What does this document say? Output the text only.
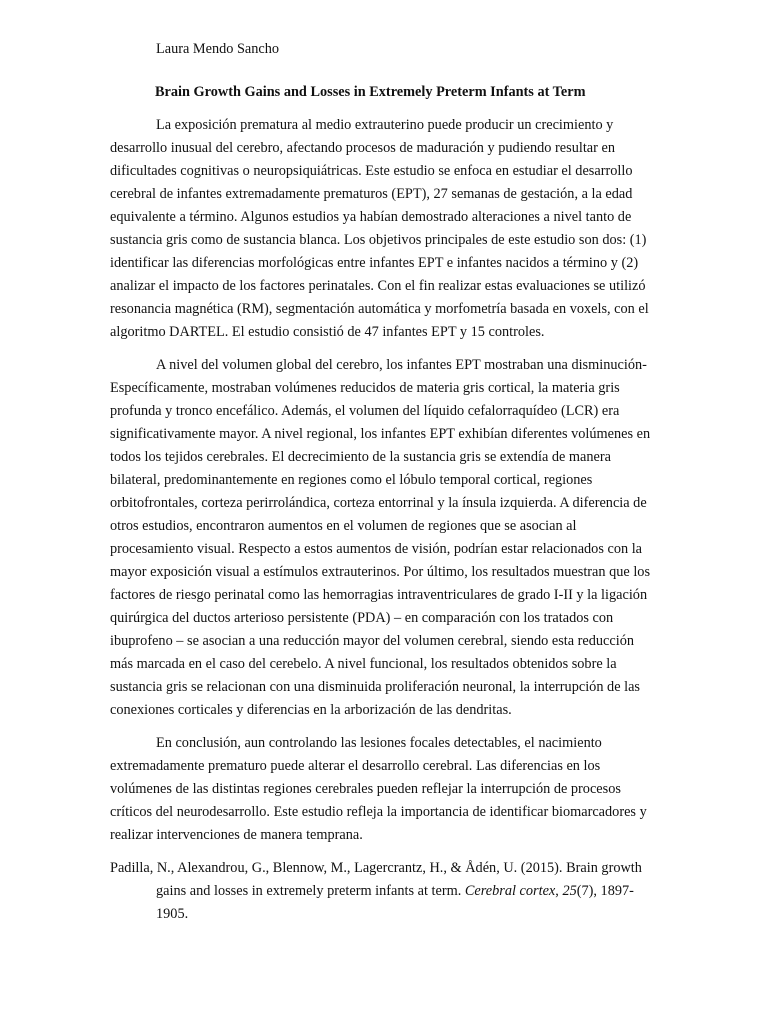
Laura Mendo Sancho

Brain Growth Gains and Losses in Extremely Preterm Infants at Term

La exposición prematura al medio extrauterino puede producir un crecimiento y desarrollo inusual del cerebro, afectando procesos de maduración y pudiendo resultar en dificultades cognitivas o neuropsiquiátricas. Este estudio se enfoca en estudiar el desarrollo cerebral de infantes extremadamente prematuros (EPT), 27 semanas de gestación, a la edad equivalente a término. Algunos estudios ya habían demostrado alteraciones a nivel tanto de sustancia gris como de sustancia blanca. Los objetivos principales de este estudio son dos: (1) identificar las diferencias morfológicas entre infantes EPT e infantes nacidos a término y (2) analizar el impacto de los factores perinatales. Con el fin realizar estas evaluaciones se utilizó resonancia magnética (RM), segmentación automática y morfometría basada en voxels, con el algoritmo DARTEL. El estudio consistió de 47 infantes EPT y 15 controles.

A nivel del volumen global del cerebro, los infantes EPT mostraban una disminución- Específicamente, mostraban volúmenes reducidos de materia gris cortical, la materia gris profunda y tronco encefálico. Además, el volumen del líquido cefalorraquídeo (LCR) era significativamente mayor. A nivel regional, los infantes EPT exhibían diferentes volúmenes en todos los tejidos cerebrales. El decrecimiento de la sustancia gris se extendía de manera bilateral, predominantemente en regiones como el lóbulo temporal cortical, regiones orbitofrontales, corteza perirrolándica, corteza entorrinal y la ínsula izquierda. A diferencia de otros estudios, encontraron aumentos en el volumen de regiones que se asocian al procesamiento visual. Respecto a estos aumentos de visión, podrían estar relacionados con la mayor exposición visual a estímulos extrauterinos. Por último, los resultados muestran que los factores de riesgo perinatal como las hemorragias intraventriculares de grado I-II y la ligación quirúrgica del ductos arterioso persistente (PDA) – en comparación con los tratados con ibuprofeno – se asocian a una reducción mayor del volumen cerebral, siendo esta reducción más marcada en el caso del cerebelo. A nivel funcional, los resultados obtenidos sobre la sustancia gris se relacionan con una disminuida proliferación neuronal, la interrupción de las conexiones corticales y diferencias en la arborización de las dendritas.

En conclusión, aun controlando las lesiones focales detectables, el nacimiento extremadamente prematuro puede alterar el desarrollo cerebral. Las diferencias en los volúmenes de las distintas regiones cerebrales pueden reflejar la interrupción de procesos críticos del neurodesarrollo. Este estudio refleja la importancia de identificar biomarcadores y realizar intervenciones de manera temprana.

Padilla, N., Alexandrou, G., Blennow, M., Lagercrantz, H., & Ådén, U. (2015). Brain growth gains and losses in extremely preterm infants at term. Cerebral cortex, 25(7), 1897-1905.
